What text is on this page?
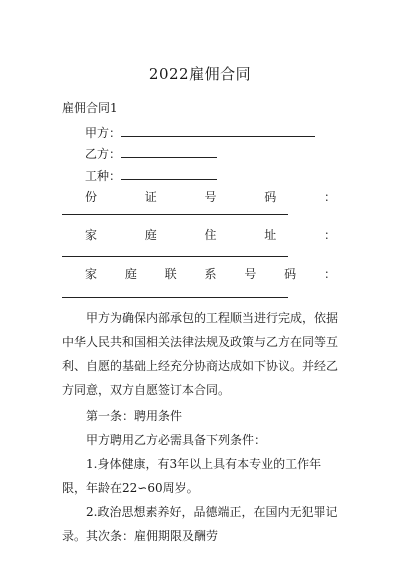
2022雇佣合同
雇佣合同1
甲方：
乙方：
工种：
份	证	号	码	：
家	庭	住	址	：
家 庭 联 系 号 码 ：
甲方为确保内部承包的工程顺当进行完成，依据中华人民共和国相关法律法规及政策与乙方在同等互利、自愿的基础上经充分协商达成如下协议。并经乙方同意，双方自愿签订本合同。
第一条：聘用条件
甲方聘用乙方必需具备下列条件：
1.身体健康，有3年以上具有本专业的工作年限，年龄在22∽60周岁。
2.政治思想素养好，品德端正，在国内无犯罪记录。 其次条：雇佣期限及酬劳
